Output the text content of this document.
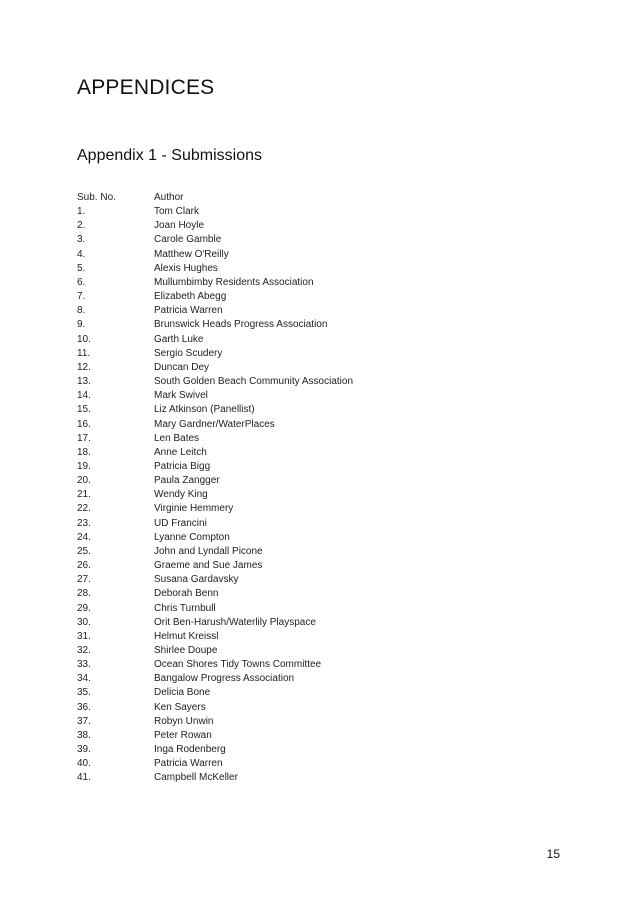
APPENDICES
Appendix 1 - Submissions
Sub. No.	Author
1.	Tom Clark
2.	Joan Hoyle
3.	Carole Gamble
4.	Matthew O'Reilly
5.	Alexis Hughes
6.	Mullumbimby Residents Association
7.	Elizabeth Abegg
8.	Patricia Warren
9.	Brunswick Heads Progress Association
10.	Garth Luke
11.	Sergio Scudery
12.	Duncan Dey
13.	South Golden Beach Community Association
14.	Mark Swivel
15.	Liz Atkinson (Panellist)
16.	Mary Gardner/WaterPlaces
17.	Len Bates
18.	Anne Leitch
19.	Patricia Bigg
20.	Paula Zangger
21.	Wendy King
22.	Virginie Hemmery
23.	UD Francini
24.	Lyanne Compton
25.	John and Lyndall Picone
26.	Graeme and Sue James
27.	Susana Gardavsky
28.	Deborah Benn
29.	Chris Turnbull
30.	Orit Ben-Harush/Waterlily Playspace
31.	Helmut Kreissl
32.	Shirlee Doupe
33.	Ocean Shores Tidy Towns Committee
34.	Bangalow Progress Association
35.	Delicia Bone
36.	Ken Sayers
37.	Robyn Unwin
38.	Peter Rowan
39.	Inga Rodenberg
40.	Patricia Warren
41.	Campbell McKeller
15
